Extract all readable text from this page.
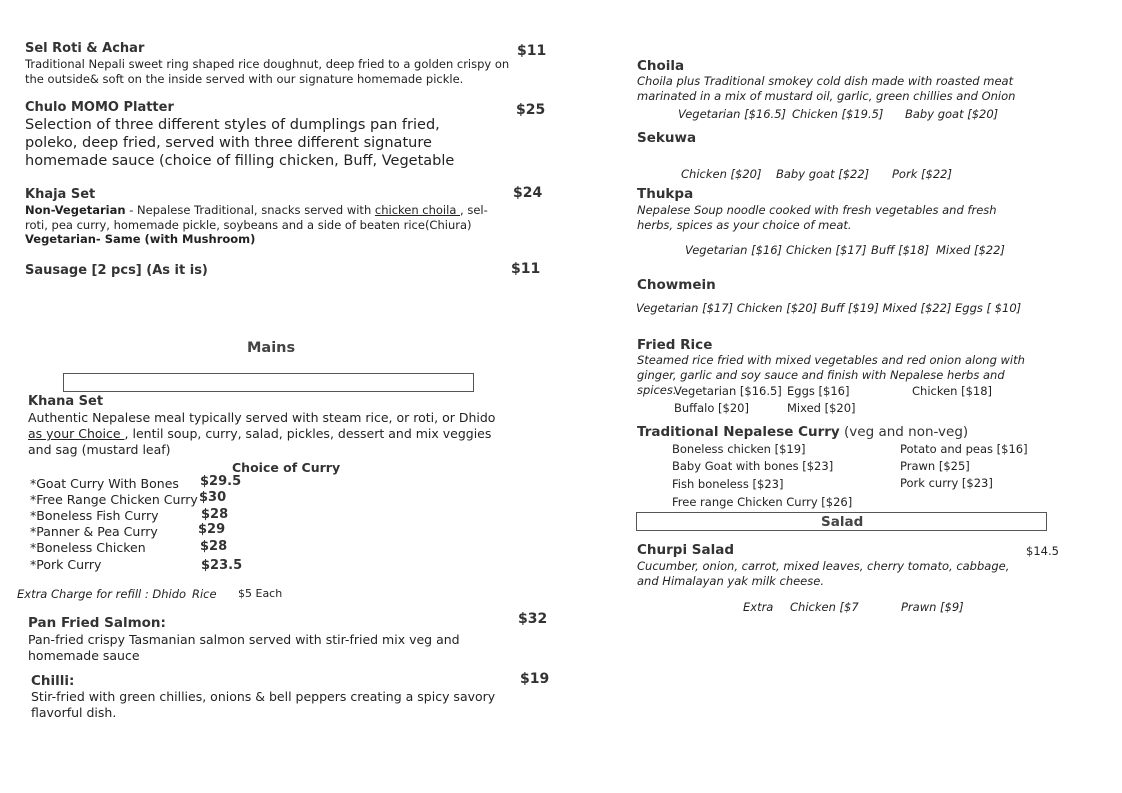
Sel Roti & Achar	$11
Traditional Nepali sweet ring shaped rice doughnut, deep fried to a golden crispy on the outside& soft on the inside served with our signature homemade pickle.
Chulo MOMO Platter	$25
Selection of three different styles of dumplings pan fried, poleko, deep fried, served with three different signature homemade sauce (choice of filling chicken, Buff, Vegetable
Khaja Set	$24
Non-Vegetarian - Nepalese Traditional, snacks served with chicken choila , sel-roti, pea curry, homemade pickle, soybeans and a side of beaten rice(Chiura)
Vegetarian- Same (with Mushroom)
Sausage [2 pcs] (As it is)	$11
Mains
Khana Set
Authentic Nepalese meal typically served with steam rice, or roti, or Dhido as your Choice , lentil soup, curry, salad, pickles, dessert and mix veggies and sag (mustard leaf)
Choice of Curry
*Goat Curry With Bones $29.5
*Free Range Chicken Curry $30
*Boneless Fish Curry	$28
*Panner & Pea Curry	$29
*Boneless Chicken	$28
*Pork Curry	$23.5
Extra Charge for refill : Dhido Rice $5 Each
Pan Fried Salmon:	$32
Pan-fried crispy Tasmanian salmon served with stir-fried mix veg and homemade sauce
Chilli:	$19
Stir-fried with green chillies, onions & bell peppers creating a spicy savory flavorful dish.
Choila
Choila plus Traditional smokey cold dish made with roasted meat marinated in a mix of mustard oil, garlic, green chillies and Onion
Vegetarian [$16.5] Chicken [$19.5] Baby goat [$20]
Sekuwa
Chicken [$20] Baby goat [$22] Pork [$22]
Thukpa
Nepalese Soup noodle cooked with fresh vegetables and fresh herbs, spices as your choice of meat.
Vegetarian [$16] Chicken [$17] Buff [$18] Mixed [$22]
Chowmein
Vegetarian [$17] Chicken [$20] Buff [$19] Mixed [$22] Eggs [ $10]
Fried Rice
Steamed rice fried with mixed vegetables and red onion along with ginger, garlic and soy sauce and finish with Nepalese herbs and spices.
Vegetarian [$16.5] Eggs [$16]	Chicken [$18]
Buffalo [$20]	Mixed [$20]
Traditional Nepalese Curry (veg and non-veg)
Boneless chicken [$19]	Potato and peas [$16]
Baby Goat with bones [$23]	Prawn [$25]
Fish boneless [$23]	Pork curry [$23]
Free range Chicken Curry [$26]
Salad
Churpi Salad	$14.5
Cucumber, onion, carrot, mixed leaves, cherry tomato, cabbage, and Himalayan yak milk cheese.
Extra Chicken [$7	Prawn [$9]
